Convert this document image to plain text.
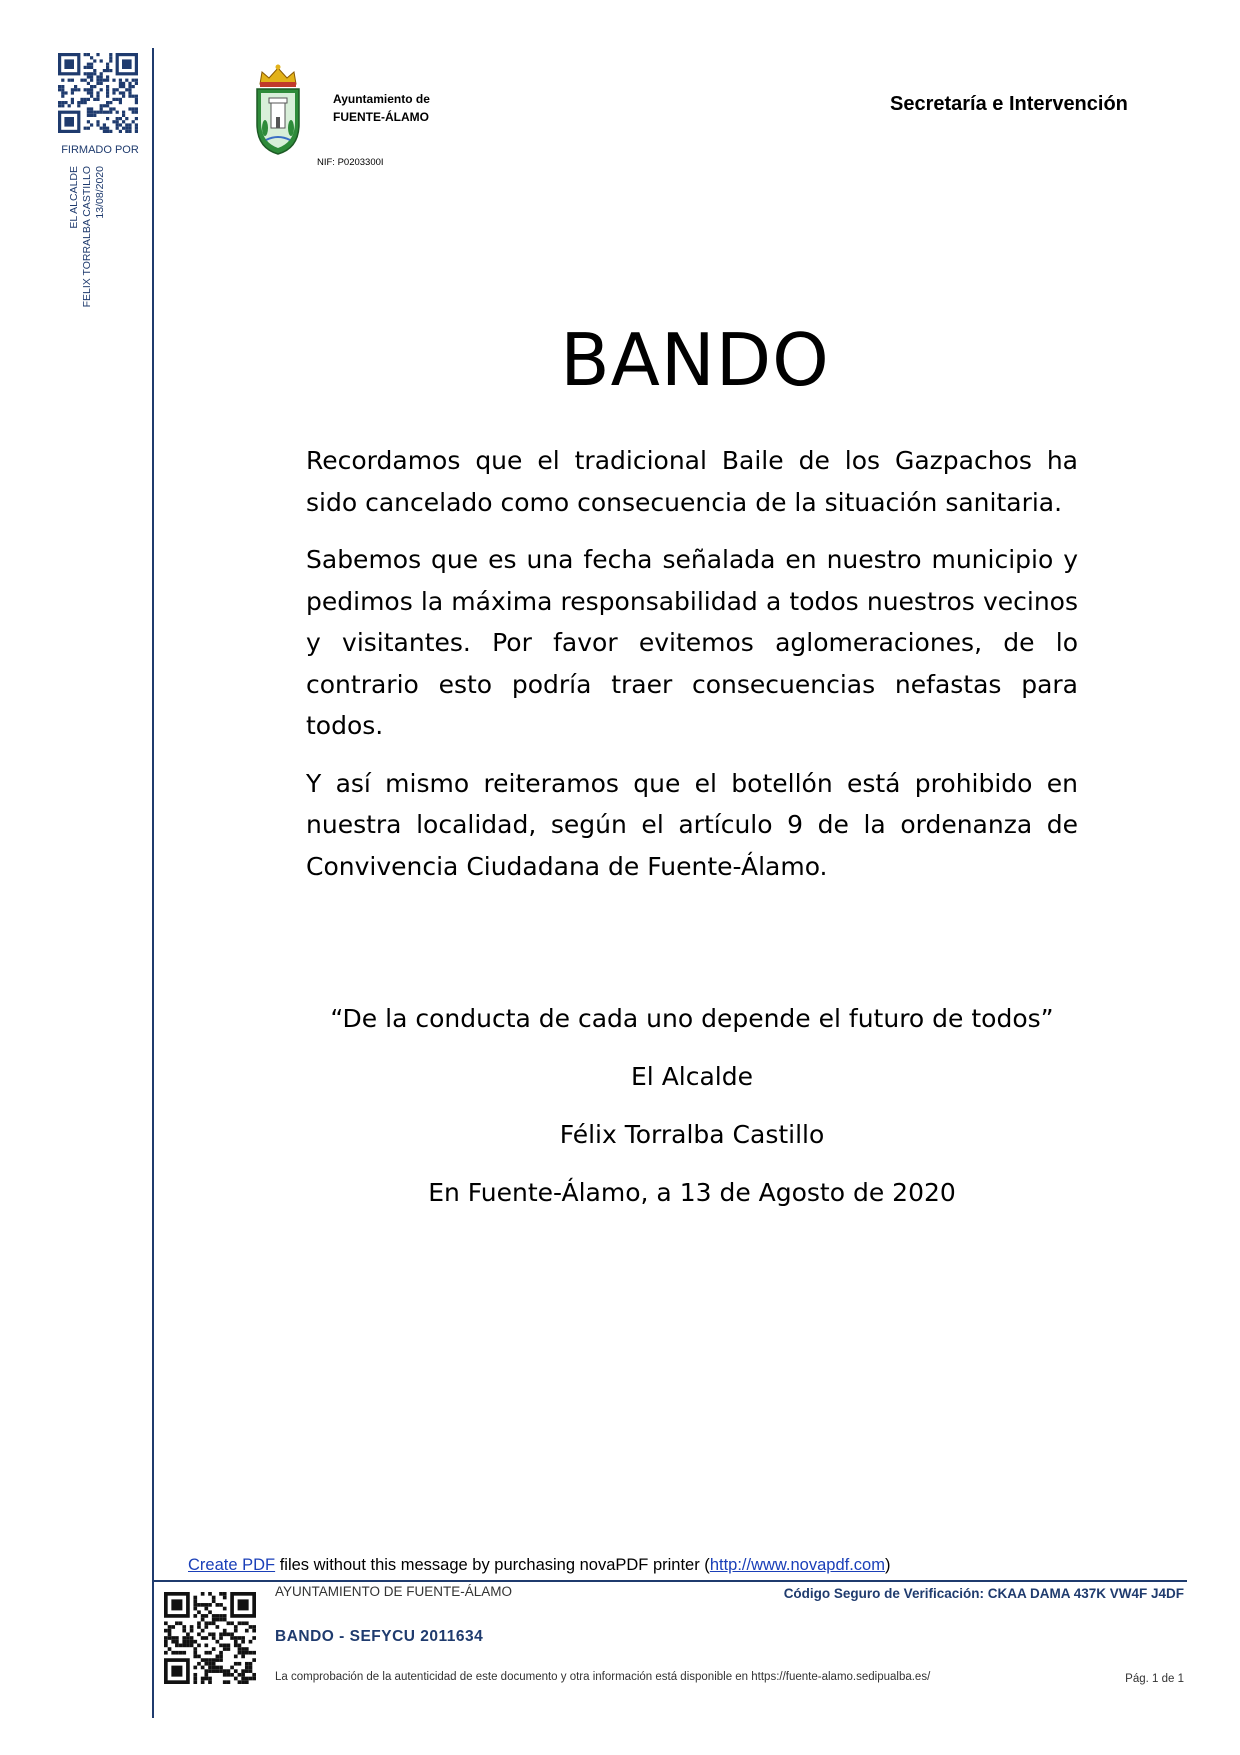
FIRMADO POR
EL ALCALDE FELIX TORRALBA CASTILLO 13/08/2020
Ayuntamiento de
FUENTE-ÁLAMO
NIF: P0203300I
Secretaría e Intervención
BANDO

Recordamos que el tradicional Baile de los Gazpachos ha sido cancelado como consecuencia de la situación sanitaria.

Sabemos que es una fecha señalada en nuestro municipio y pedimos la máxima responsabilidad a todos nuestros vecinos y visitantes. Por favor evitemos aglomeraciones, de lo contrario esto podría traer consecuencias nefastas para todos.

Y así mismo reiteramos que el botellón está prohibido en nuestra localidad, según el artículo 9 de la ordenanza de Convivencia Ciudadana de Fuente-Álamo.

“De la conducta de cada uno depende el futuro de todos”
El Alcalde
Félix Torralba Castillo
En Fuente-Álamo, a 13 de Agosto de 2020
Create PDF files without this message by purchasing novaPDF printer (http://www.novapdf.com)
AYUNTAMIENTO DE FUENTE-ÁLAMO	Código Seguro de Verificación: CKAA DAMA 437K VW4F J4DF
BANDO - SEFYCU 2011634
La comprobación de la autenticidad de este documento y otra información está disponible en https://fuente-alamo.sedipualba.es/	Pág. 1 de 1
